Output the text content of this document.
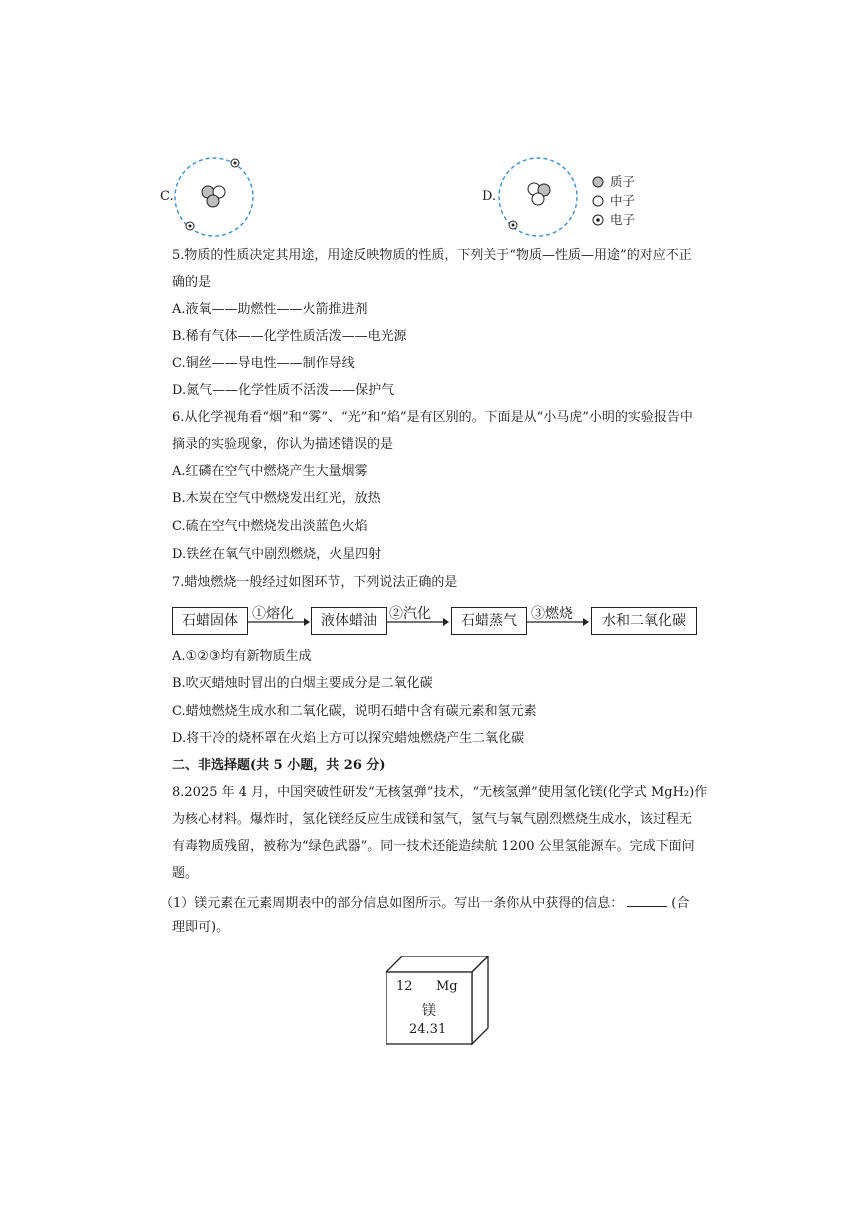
C.	D.
质子
中子
电子
5.物质的性质决定其用途，用途反映物质的性质，下列关于“物质—性质—用途”的对应不正
确的是
A.液氧——助燃性——火箭推进剂
B.稀有气体——化学性质活泼——电光源
C.铜丝——导电性——制作导线
D.氮气——化学性质不活泼——保护气
6.从化学视角看“烟”和“雾”、“光”和“焰”是有区别的。下面是从“小马虎”小明的实验报告中
摘录的实验现象，你认为描述错误的是
A.红磷在空气中燃烧产生大量烟雾
B.木炭在空气中燃烧发出红光，放热
C.硫在空气中燃烧发出淡蓝色火焰
D.铁丝在氧气中剧烈燃烧，火星四射
7.蜡烛燃烧一般经过如图环节，下列说法正确的是
石蜡固体	①熔化	液体蜡油 ②汽化	石蜡蒸气	③燃烧	水和二氧化碳
A.①②③均有新物质生成
B.吹灭蜡烛时冒出的白烟主要成分是二氧化碳
C.蜡烛燃烧生成水和二氧化碳，说明石蜡中含有碳元素和氢元素
D.将干冷的烧杯罩在火焰上方可以探究蜡烛燃烧产生二氧化碳
二、非选择题(共 5 小题，共 26 分)
8.2025 年 4 月，中国突破性研发“无核氢弹”技术，“无核氢弹”使用氢化镁(化学式 MgH₂)作
为核心材料。爆炸时，氢化镁经反应生成镁和氢气，氢气与氧气剧烈燃烧生成水，该过程无
有毒物质残留，被称为“绿色武器”。同一技术还能造续航 1200 公里氢能源车。完成下面问
题。
（1）镁元素在元素周期表中的部分信息如图所示。写出一条你从中获得的信息：	(合
理即可)。
12 Mg
镁
24.31
